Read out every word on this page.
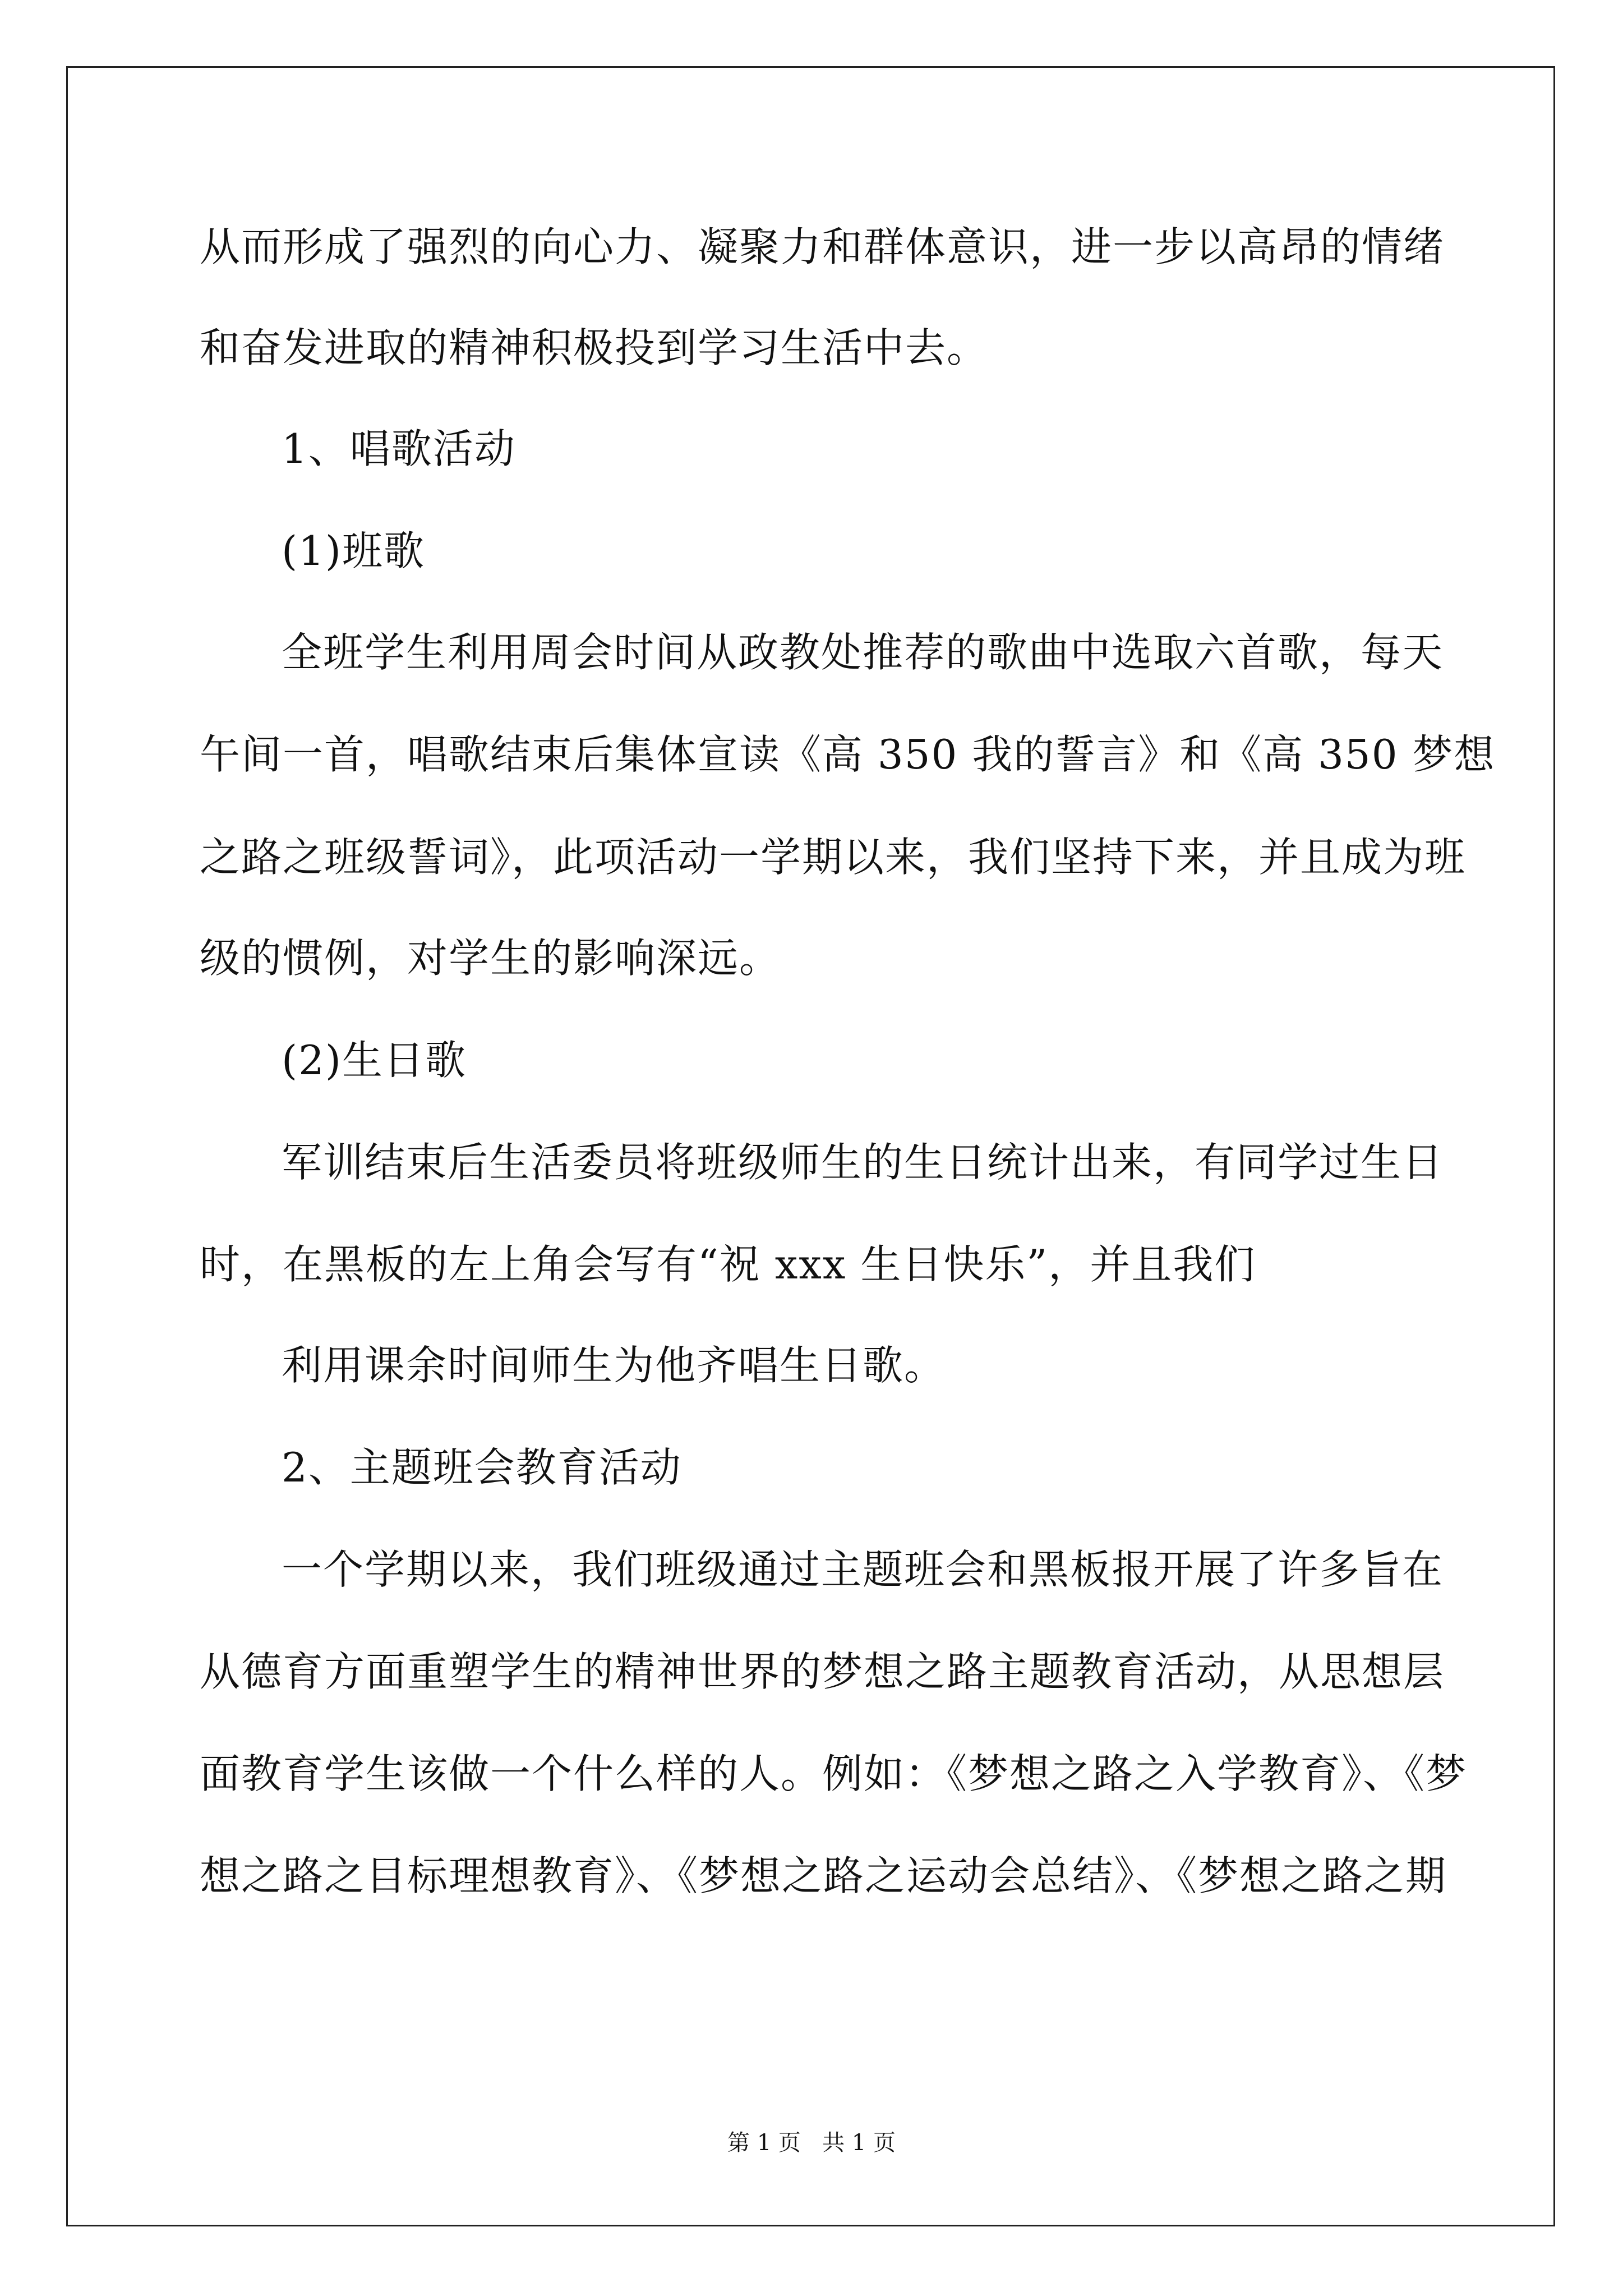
从而形成了强烈的向心力、凝聚力和群体意识，进一步以高昂的情绪
和奋发进取的精神积极投到学习生活中去。
1、唱歌活动
(1)班歌
全班学生利用周会时间从政教处推荐的歌曲中选取六首歌，每天
午间一首，唱歌结束后集体宣读《高 350 我的誓言》和《高 350 梦想
之路之班级誓词》，此项活动一学期以来，我们坚持下来，并且成为班
级的惯例，对学生的影响深远。
(2)生日歌
军训结束后生活委员将班级师生的生日统计出来，有同学过生日
时，在黑板的左上角会写有“祝 xxx 生日快乐”，并且我们
利用课余时间师生为他齐唱生日歌。
2、主题班会教育活动
一个学期以来，我们班级通过主题班会和黑板报开展了许多旨在
从德育方面重塑学生的精神世界的梦想之路主题教育活动，从思想层
面教育学生该做一个什么样的人。例如：《梦想之路之入学教育》、《梦
想之路之目标理想教育》、《梦想之路之运动会总结》、《梦想之路之期
第 1 页   共 1 页
